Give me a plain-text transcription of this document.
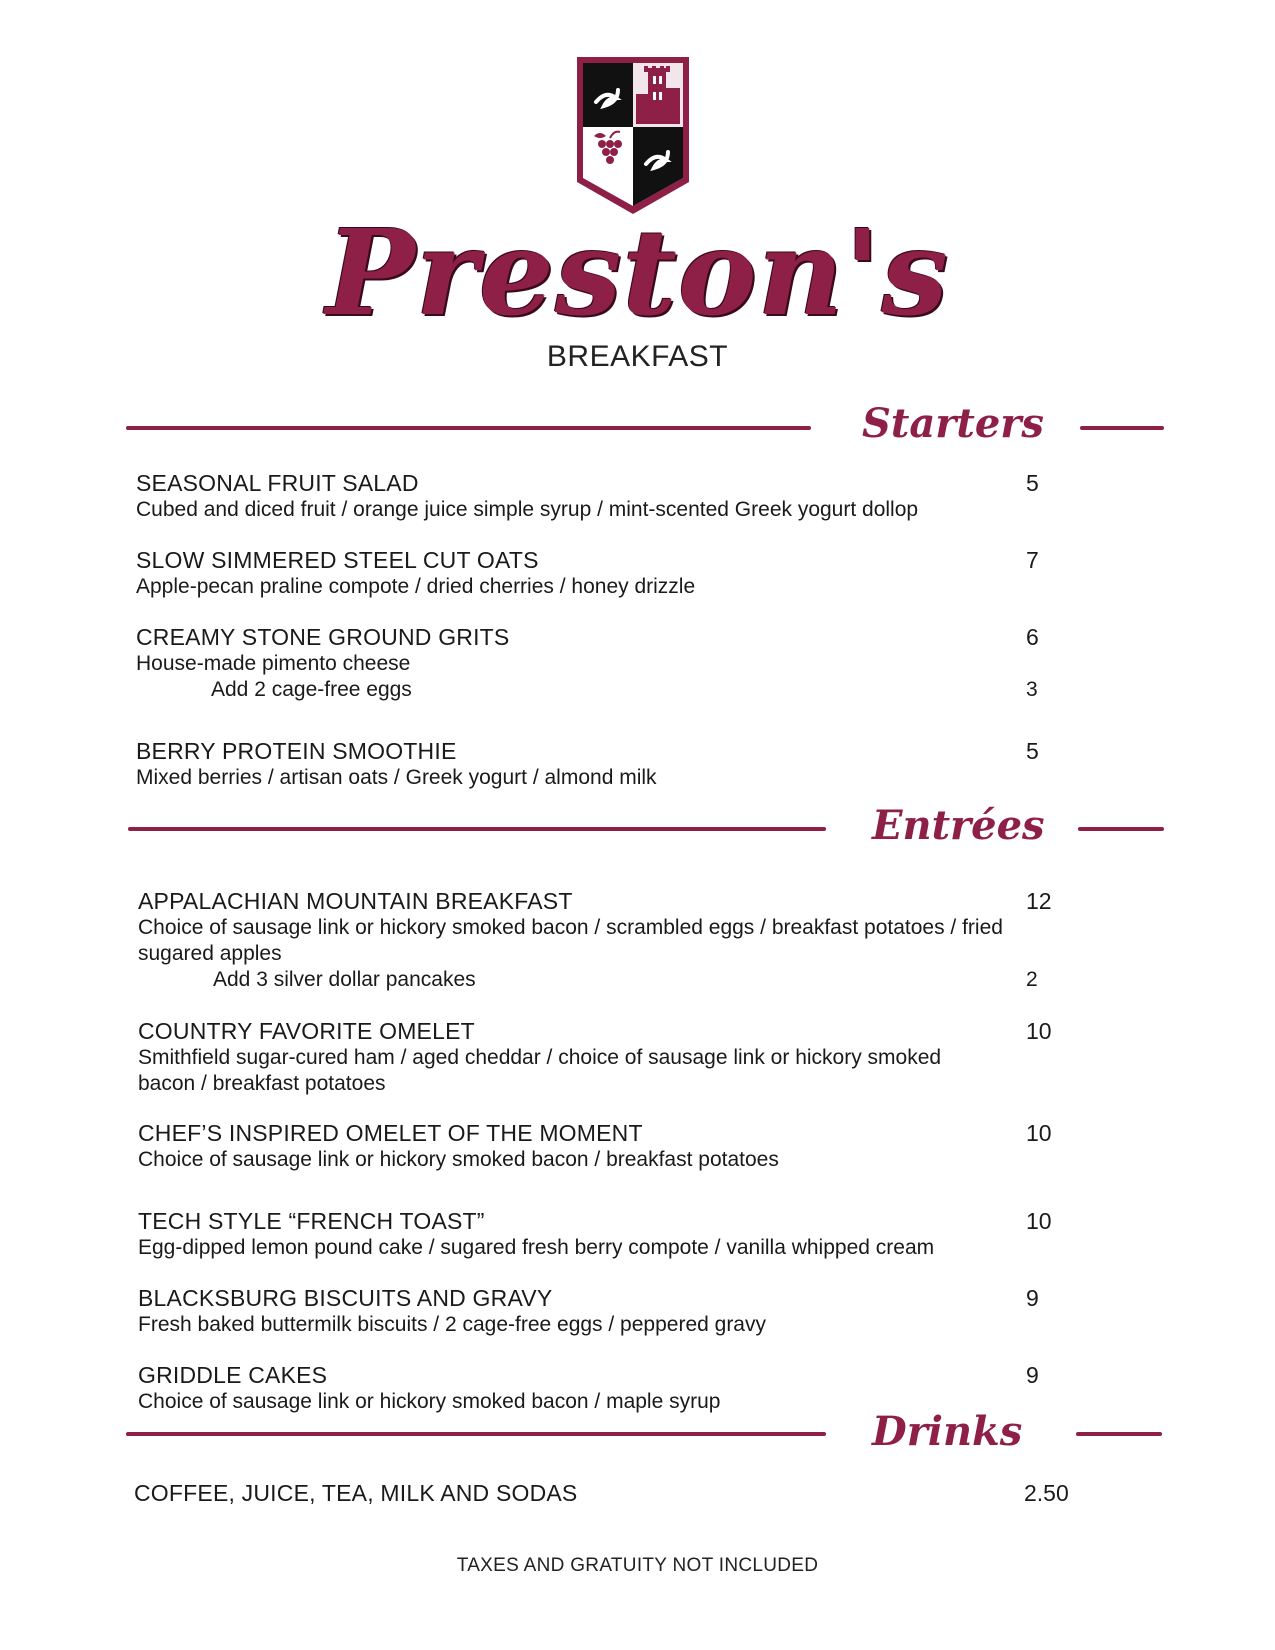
Preston's
BREAKFAST
Starters
SEASONAL FRUIT SALAD
Cubed and diced fruit / orange juice simple syrup / mint-scented Greek yogurt dollop
5
SLOW SIMMERED STEEL CUT OATS
Apple-pecan praline compote / dried cherries / honey drizzle
7
CREAMY STONE GROUND GRITS
House-made pimento cheese
Add 2 cage-free eggs	3
6
BERRY PROTEIN SMOOTHIE
Mixed berries / artisan oats / Greek yogurt / almond milk
5
Entrées
APPALACHIAN MOUNTAIN BREAKFAST
Choice of sausage link or hickory smoked bacon / scrambled eggs / breakfast potatoes / fried sugared apples
Add 3 silver dollar pancakes	2
12
COUNTRY FAVORITE OMELET
Smithfield sugar-cured ham / aged cheddar / choice of sausage link or hickory smoked bacon / breakfast potatoes
10
CHEF’S INSPIRED OMELET OF THE MOMENT
Choice of sausage link or hickory smoked bacon / breakfast potatoes
10
TECH STYLE “FRENCH TOAST”
Egg-dipped lemon pound cake / sugared fresh berry compote / vanilla whipped cream
10
BLACKSBURG BISCUITS AND GRAVY
Fresh baked buttermilk biscuits / 2 cage-free eggs / peppered gravy
9
GRIDDLE CAKES
Choice of sausage link or hickory smoked bacon / maple syrup
9
Drinks
COFFEE, JUICE, TEA, MILK AND SODAS	2.50
TAXES AND GRATUITY NOT INCLUDED
